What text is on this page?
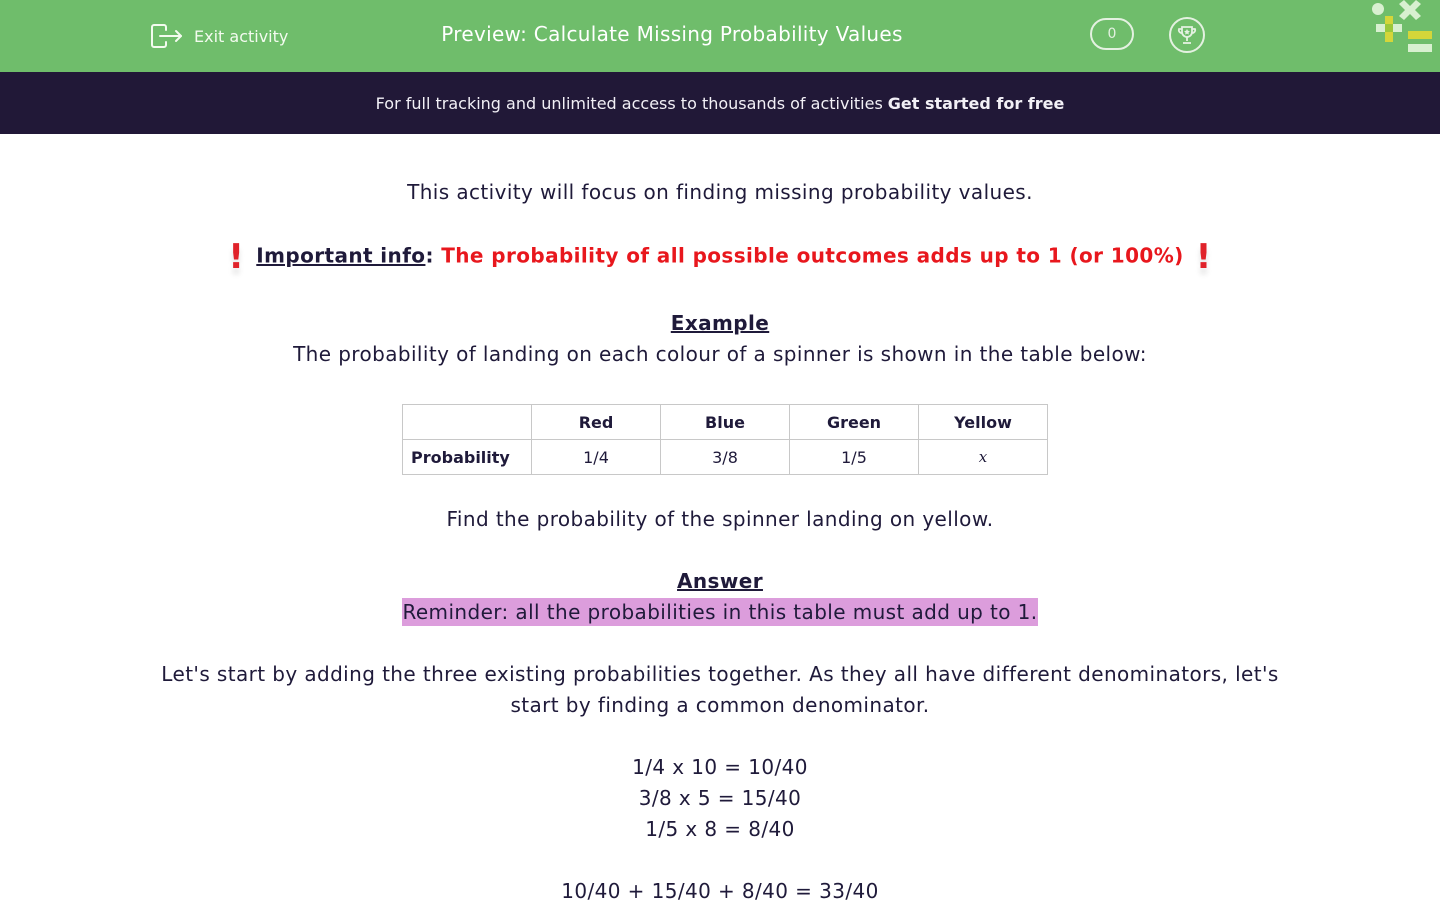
Exit activity	Preview: Calculate Missing Probability Values	0
For full tracking and unlimited access to thousands of activities Get started for free
This activity will focus on finding missing probability values.
! Important info: The probability of all possible outcomes adds up to 1 (or 100%) !
Example
The probability of landing on each colour of a spinner is shown in the table below:
	Red	Blue	Green	Yellow
Probability	1/4	3/8	1/5	x
Find the probability of the spinner landing on yellow.
Answer
Reminder: all the probabilities in this table must add up to 1.
Let's start by adding the three existing probabilities together. As they all have different denominators, let's
start by finding a common denominator.
1/4 x 10 = 10/40
3/8 x 5 = 15/40
1/5 x 8 = 8/40
10/40 + 15/40 + 8/40 = 33/40
